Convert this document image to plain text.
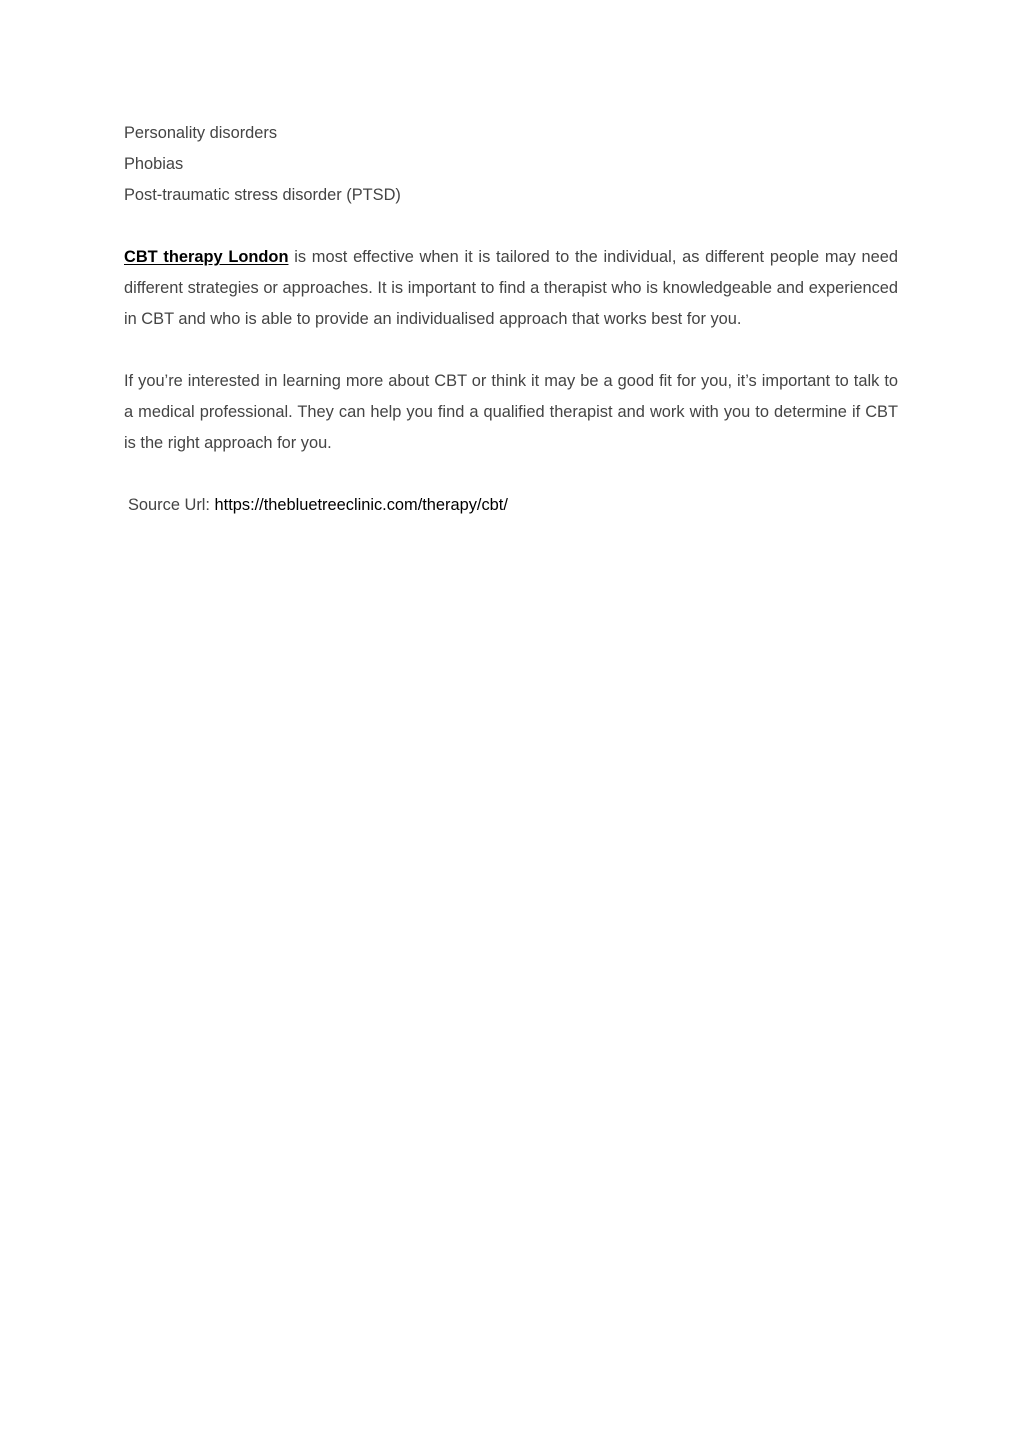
Personality disorders
Phobias
Post-traumatic stress disorder (PTSD)

CBT therapy London is most effective when it is tailored to the individual, as different people may need different strategies or approaches. It is important to find a therapist who is knowledgeable and experienced in CBT and who is able to provide an individualised approach that works best for you.

If you’re interested in learning more about CBT or think it may be a good fit for you, it’s important to talk to a medical professional. They can help you find a qualified therapist and work with you to determine if CBT is the right approach for you.

Source Url: https://thebluetreeclinic.com/therapy/cbt/
